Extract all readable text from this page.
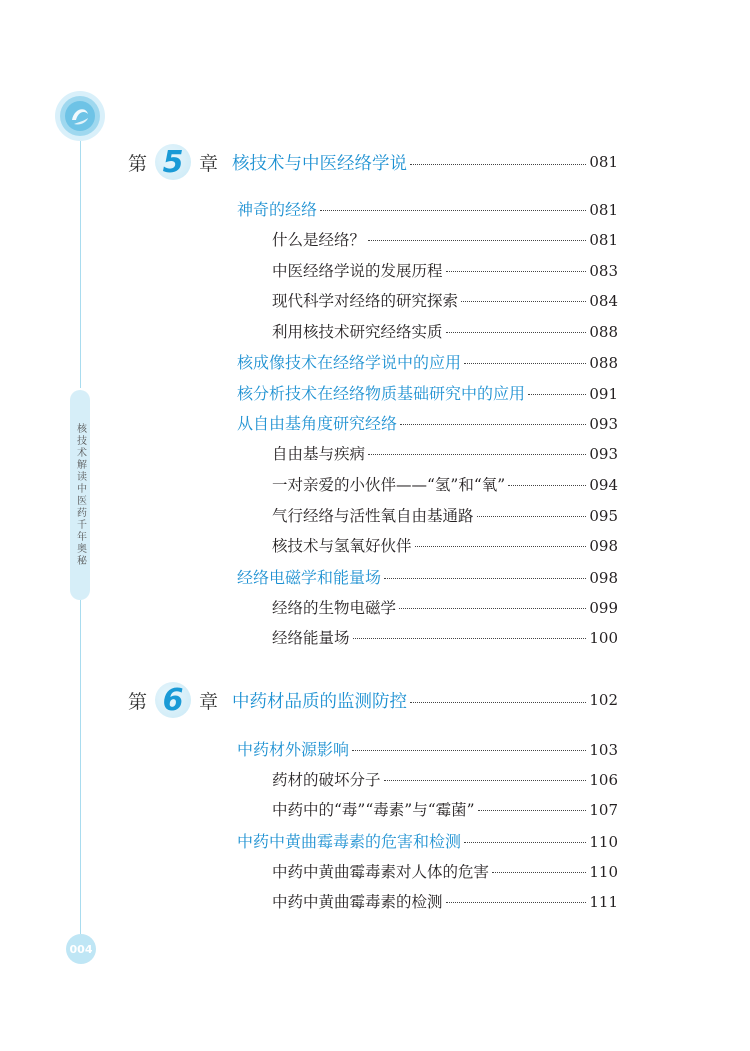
核技术解读中医药千年奥秘
004
第 5 章 核技术与中医经络学说	081
神奇的经络	081
什么是经络？	081
中医经络学说的发展历程	083
现代科学对经络的研究探索	084
利用核技术研究经络实质	088
核成像技术在经络学说中的应用	088
核分析技术在经络物质基础研究中的应用	091
从自由基角度研究经络	093
自由基与疾病	093
一对亲爱的小伙伴——“氢”和“氧”	094
气行经络与活性氧自由基通路	095
核技术与氢氧好伙伴	098
经络电磁学和能量场	098
经络的生物电磁学	099
经络能量场	100
第 6 章 中药材品质的监测防控	102
中药材外源影响	103
药材的破坏分子	106
中药中的“毒”“毒素”与“霉菌”	107
中药中黄曲霉毒素的危害和检测	110
中药中黄曲霉毒素对人体的危害	110
中药中黄曲霉毒素的检测	111
